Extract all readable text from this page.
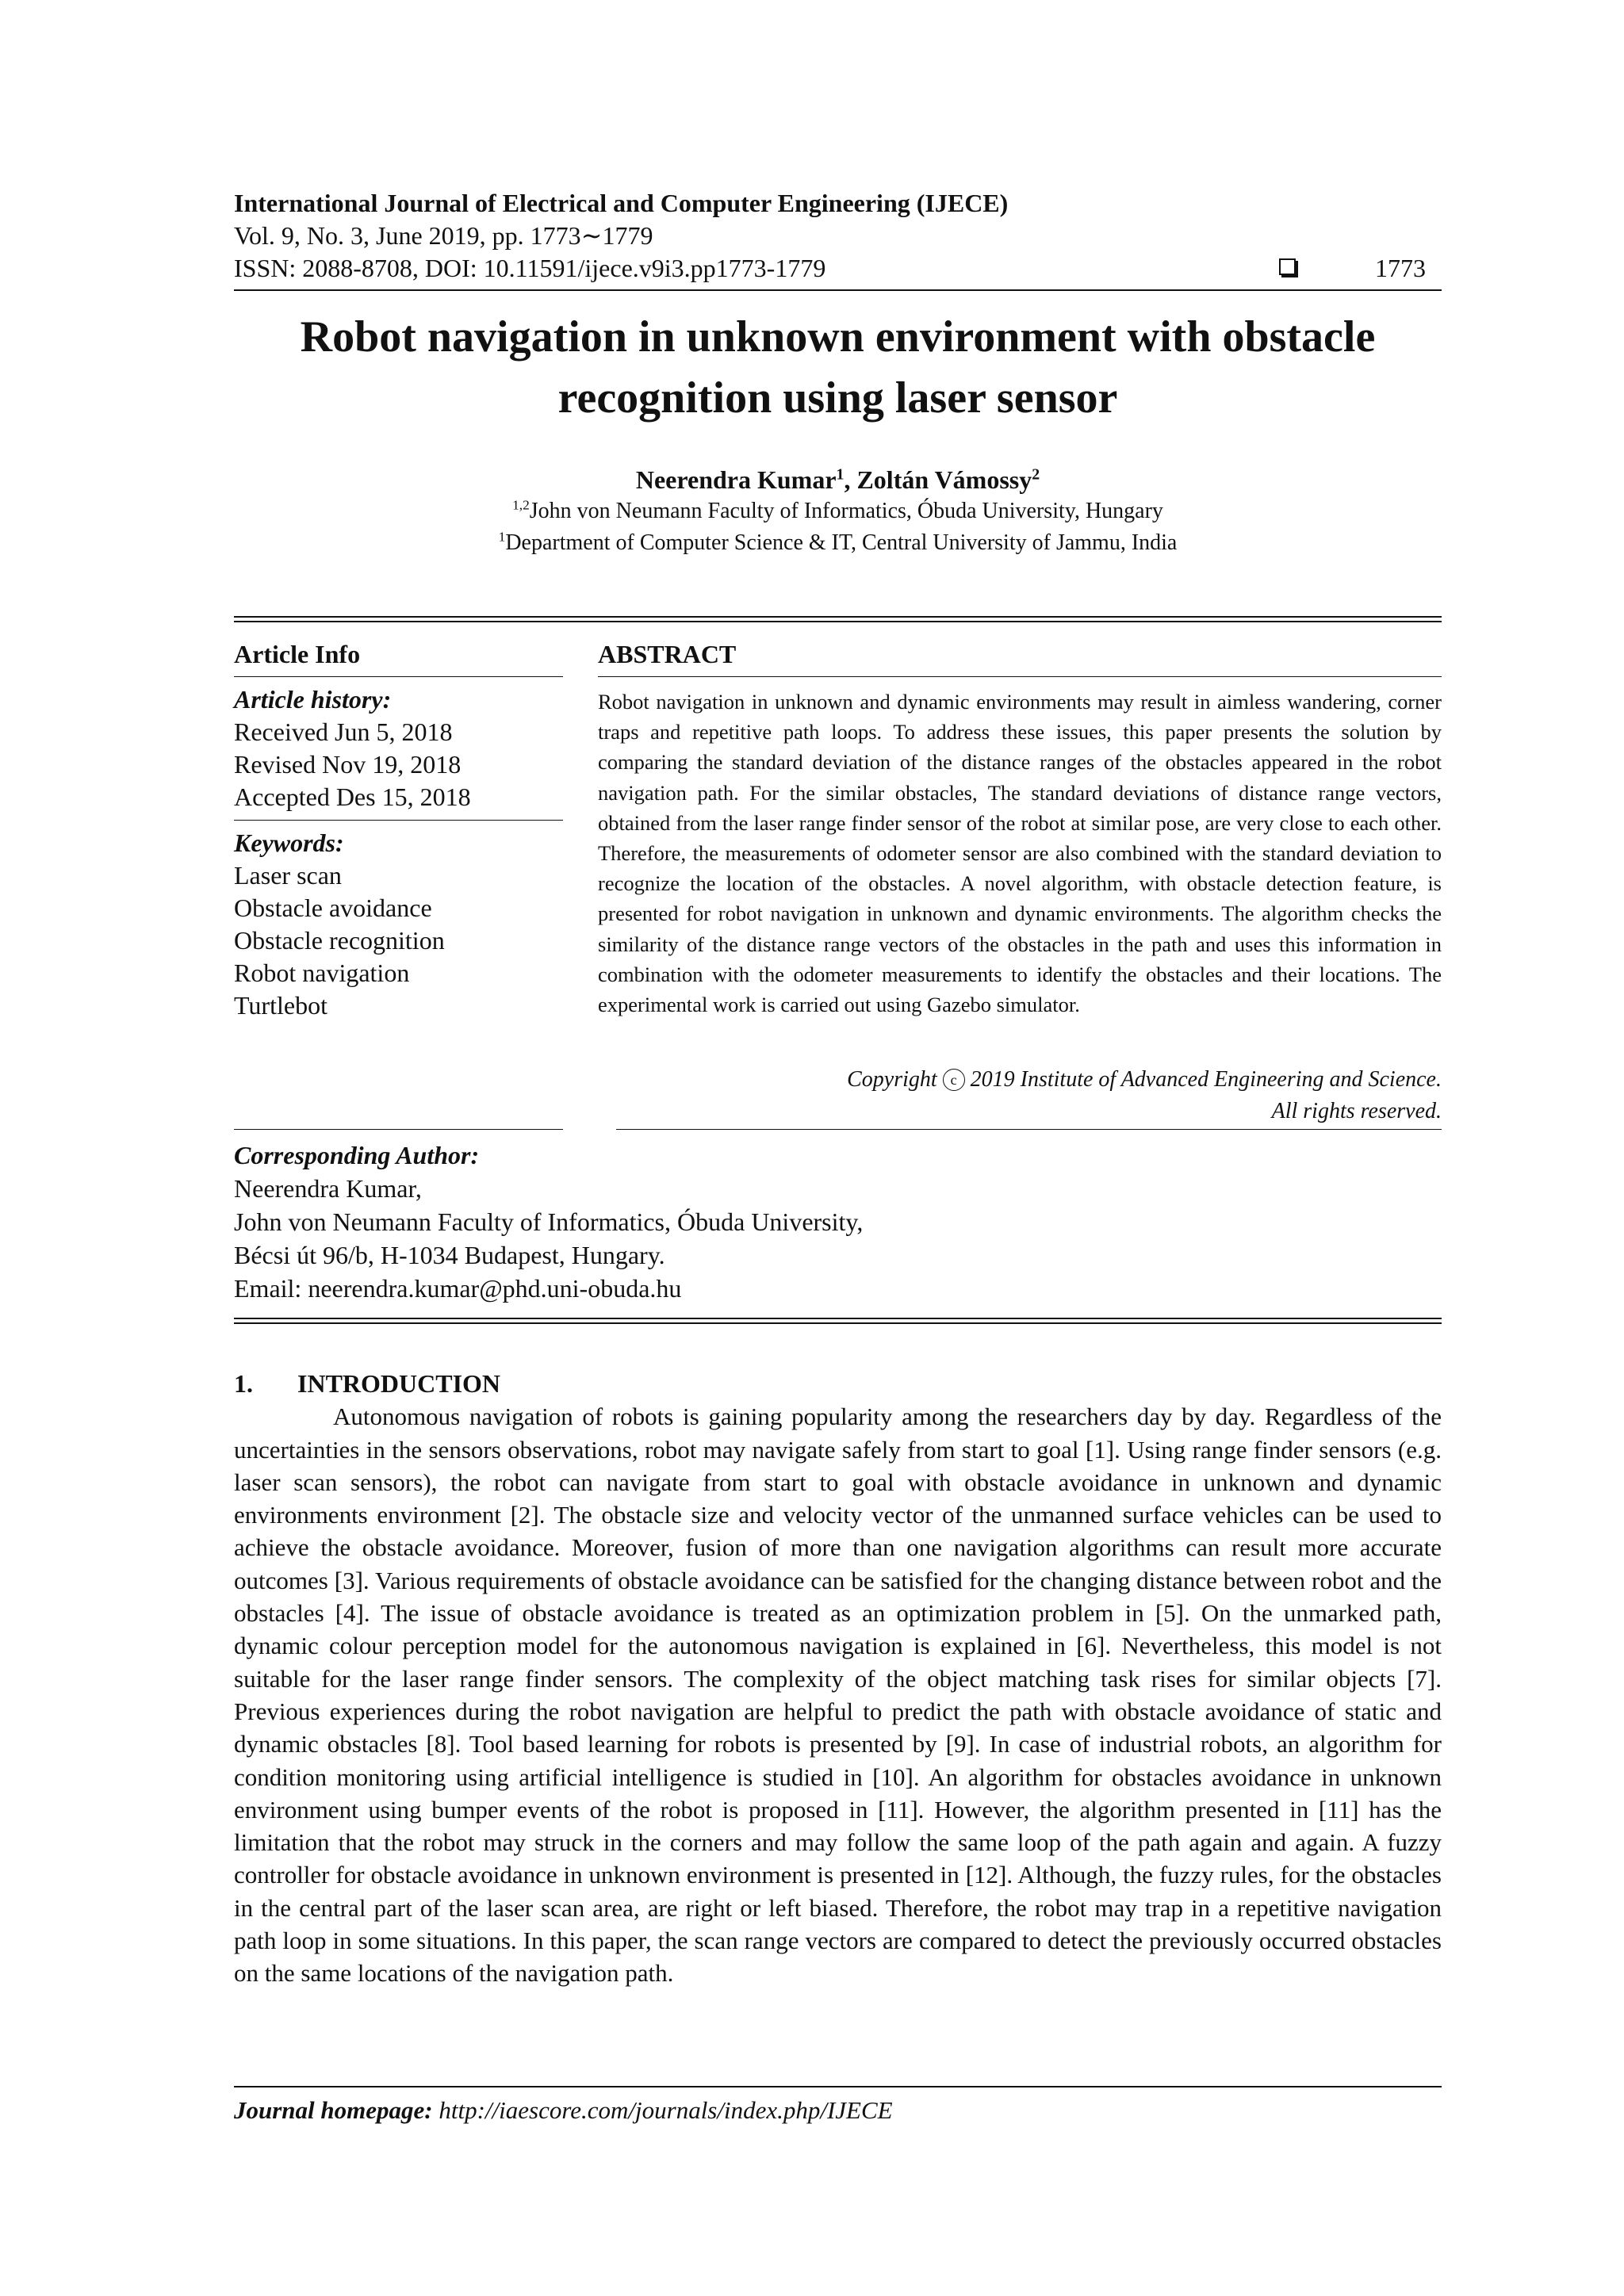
International Journal of Electrical and Computer Engineering (IJECE)
Vol. 9, No. 3, June 2019, pp. 1773∼1779
ISSN: 2088-8708, DOI: 10.11591/ijece.v9i3.pp1773-1779	1773
Robot navigation in unknown environment with obstacle
recognition using laser sensor
Neerendra Kumar$^1$, Zoltán Vámossy$^2$
$^{1,2}$John von Neumann Faculty of Informatics, Óbuda University, Hungary
$^1$Department of Computer Science & IT, Central University of Jammu, India
Article Info
Article history:
Received Jun 5, 2018
Revised Nov 19, 2018
Accepted Des 15, 2018
Keywords:
Laser scan
Obstacle avoidance
Obstacle recognition
Robot navigation
Turtlebot
ABSTRACT
Robot navigation in unknown and dynamic environments may result in aimless wandering, corner traps and repetitive path loops. To address these issues, this paper presents the solution by comparing the standard deviation of the distance ranges of the obstacles appeared in the robot navigation path. For the similar obstacles, The standard deviations of distance range vectors, obtained from the laser range finder sensor of the robot at similar pose, are very close to each other. Therefore, the measurements of odometer sensor are also combined with the standard deviation to recognize the location of the obstacles. A novel algorithm, with obstacle detection feature, is presented for robot navigation in unknown and dynamic environments. The algorithm checks the similarity of the distance range vectors of the obstacles in the path and uses this information in combination with the odometer measurements to identify the obstacles and their locations. The experimental work is carried out using Gazebo simulator.
Copyright c 2019 Institute of Advanced Engineering and Science.
All rights reserved.
Corresponding Author:
Neerendra Kumar,
John von Neumann Faculty of Informatics, Óbuda University,
Bécsi út 96/b, H-1034 Budapest, Hungary.
Email: neerendra.kumar@phd.uni-obuda.hu
1. INTRODUCTION

Autonomous navigation of robots is gaining popularity among the researchers day by day. Regardless of the uncertainties in the sensors observations, robot may navigate safely from start to goal [1]. Using range finder sensors (e.g. laser scan sensors), the robot can navigate from start to goal with obstacle avoidance in unknown and dynamic environments environment [2]. The obstacle size and velocity vector of the unmanned surface vehicles can be used to achieve the obstacle avoidance. Moreover, fusion of more than one navigation algorithms can result more accurate outcomes [3]. Various requirements of obstacle avoidance can be satisfied for the changing distance between robot and the obstacles [4]. The issue of obstacle avoidance is treated as an optimization problem in [5]. On the unmarked path, dynamic colour perception model for the autonomous navigation is explained in [6]. Nevertheless, this model is not suitable for the laser range finder sensors. The complexity of the object matching task rises for similar objects [7]. Previous experiences during the robot navigation are helpful to predict the path with obstacle avoidance of static and dynamic obstacles [8]. Tool based learning for robots is presented by [9]. In case of industrial robots, an algorithm for condition monitoring using artificial intelligence is studied in [10]. An algorithm for obstacles avoidance in unknown environment using bumper events of the robot is proposed in [11]. However, the algorithm presented in [11] has the limitation that the robot may struck in the corners and may follow the same loop of the path again and again. A fuzzy controller for obstacle avoidance in unknown environment is presented in [12]. Although, the fuzzy rules, for the obstacles in the central part of the laser scan area, are right or left biased. Therefore, the robot may trap in a repetitive navigation path loop in some situations. In this paper, the scan range vectors are compared to detect the previously occurred obstacles on the same locations of the navigation path.

Journal homepage: http://iaescore.com/journals/index.php/IJECE
